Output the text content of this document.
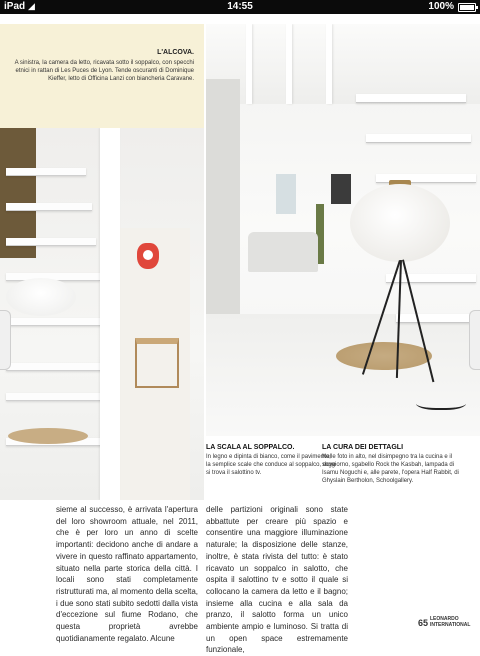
iPad ◢	14:55	100%
L'ALCOVA.
A sinistra, la camera da letto, ricavata sotto il soppalco, con specchi etnici in rattan di Les Puces de Lyon. Tende oscuranti di Dominique Kieffer, letto di Officina Lanzi con biancheria Caravane.
LA SCALA AL SOPPALCO.
In legno e dipinta di bianco, come il pavimento, la semplice scale che conduce al soppalco, dove si trova il salottino tv.
LA CURA DEI DETTAGLI
Nelle foto in alto, nel disimpegno tra la cucina e il soggiorno, sgabello Rock the Kasbah, lampada di Isamu Noguchi e, alle parete, l'opera Half Rabbit, di Ghyslain Bertholon, Schoolgallery.
sieme al successo, è arrivata l'apertura del loro showroom attuale, nel 2011, che è per loro un anno di scelte importanti: decidono anche di andare a vivere in questo raffinato appartamento, situato nella parte storica della città. I locali sono stati completamente ristrutturati ma, al momento della scelta, i due sono stati subito sedotti dalla vista d'eccezione sul fiume Rodano, che questa proprietà avrebbe quotidianamente regalato. Alcune
delle partizioni originali sono state abbattute per creare più spazio e consentire una maggiore illuminazione naturale; la disposizione delle stanze, inoltre, è stata rivista del tutto: è stato ricavato un soppalco in salotto, che ospita il salottino tv e sotto il quale si collocano la camera da letto e il bagno; insieme alla cucina e alla sala da pranzo, il salotto forma un unico ambiente ampio e luminoso. Si tratta di un open space estremamente funzionale,
65 LEONARDO
INTERNATIONAL
